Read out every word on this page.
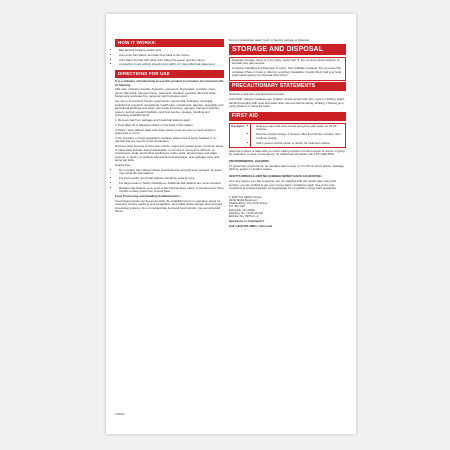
HOW IT WORKS:
• Bait attracts foraging worker ants.
• Ants enter bait station and take food back to the colony.
• Ants share the bait with other ants, killing the queen and the colony.
• A reduction in ant activity should occur within 3-7 days after bait placement.
DIRECTIONS FOR USE

It is a violation of Federal law to use this product in a manner inconsistent with its labeling.

Kills ants, including acrobat, Argentine, pavement, big-headed, cornfield, crazy, ghost, little black, odorous house, pavement, pharaoh, pyramid, thief and white-footed ants (excludes fire, carpenter and harvester ants).

For use in and around homes, apartments, commercial, industrial, municipal, institutional, research, recreational, health care, educational, daycare, hospitality and agricultural buildings and other man-made structures, garages, transport vehicles, sewers, animal research facilities, and food service, storage, handling and processing establishments.

1. Remove bait from package and break bait stations apart.

2. Peel label off of adhesive sticker on the back of the station.

3. Place / stick stations label side down where pests are seen or pest activity is suspected to occur.

4. Do not place on food preparation surfaces where food is being handled or on utensils that are used for food preparation.

Remove other sources of food, like crumbs, sugar and grease spots. Common areas to place baits include: along baseboards, in corners of rooms and cabinets, on countertops, under and behind appliances, under sinks, around pipes and water sources, in pantry, on window sills and around doorways, near garbage cans, and along pet trails.

Helpful Tips:

• Do not place bait stations where insecticide has recently been sprayed, as pests may avoid the bait stations.
• For best results, all 12 bait stations should be used at once.
• For large areas or heavy infestations, additional bait stations are recommended.
• Replace bait stations once most of the bait has been eaten, or at least every three months to keep pests from coming back.

Food Processing and Handling Establishments:

Food areas include serving areas while the establishment is in operation, areas for receiving, storing, packing, and preparation, and edible waste storage and enclosed processing systems. Do not contaminate food and food utensils. Use as instructed above.

Do not contaminate water, food, or feed by storage or disposal.

STORAGE AND DISPOSAL

Pesticide Storage: Store in a dry place, below 110 °F. Do not store where children or animals may gain access.

Container Handling and Disposal: If empty: Non-refillable container. Do not reuse this container. Place in trash or offer for recycling if available. If partly filled: Call your local solid waste agency for disposal instructions.

PRECAUTIONARY STATEMENTS

Hazards to Humans and Domestic Animals

CAUTION: Causes moderate eye irritation. Avoid contact with skin, eyes or clothing. Wash hands thoroughly with soap and water after use and before eating, drinking, chewing gum, using tobacco or using the toilet.

FIRST AID
If in Eyes:
•	Hold eye open and rinse slowly and gently with water for 15-20 minutes.
• Remove contact lenses, if present, after the first five minutes, then continue rinsing.
• Call a poison control center or doctor for treatment advice.

Have the product or label with you when calling a Poison Control Center or doctor or going for treatment. In case of emergency, for additional information call 1-877-960-5561.

ENVIRONMENTAL HAZARDS

To protect the environment, do not allow bait to enter or run off into storm drains, drainage ditches, gutters or surface waters.

SCOTTS MIRACLE-GRO NO-QUIBBLE MONEY BACK GUARANTEE:

If for any reason you, the consumer, are not satisfied with the results after using this product, you are entitled to get your money back. Limitations apply. See terms and conditions at scottsmiraclegro.com/guarantee for no-quibble money-back guarantee.

© 2023 The ORTHO Group

World Rights Reserved.

Distributed by: The Ortho Group

P.O. Box 190

Marysville, OH 43040

EPA Reg. No. 71079-15-239

EPA Est. No. 39974-IL-2

Questions or Comments?

Call 1-800-225-2883 / ortho.com

C86842
